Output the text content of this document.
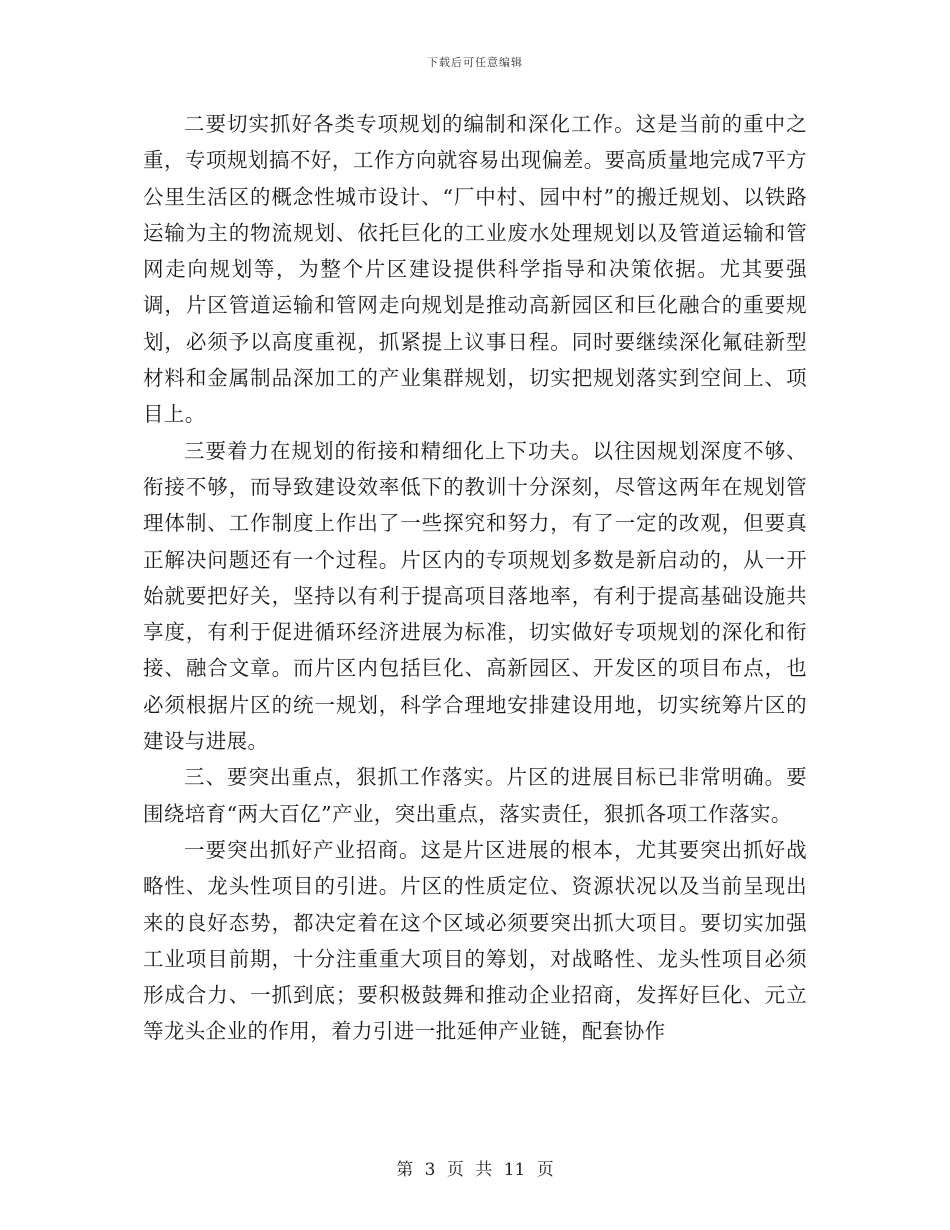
下载后可任意编辑

二要切实抓好各类专项规划的编制和深化工作。这是当前的重中之重，专项规划搞不好，工作方向就容易出现偏差。要高质量地完成7平方公里生活区的概念性城市设计、“厂中村、园中村”的搬迁规划、以铁路运输为主的物流规划、依托巨化的工业废水处理规划以及管道运输和管网走向规划等，为整个片区建设提供科学指导和决策依据。尤其要强调，片区管道运输和管网走向规划是推动高新园区和巨化融合的重要规划，必须予以高度重视，抓紧提上议事日程。同时要继续深化氟硅新型材料和金属制品深加工的产业集群规划，切实把规划落实到空间上、项目上。

三要着力在规划的衔接和精细化上下功夫。以往因规划深度不够、衔接不够，而导致建设效率低下的教训十分深刻，尽管这两年在规划管理体制、工作制度上作出了一些探究和努力，有了一定的改观，但要真正解决问题还有一个过程。片区内的专项规划多数是新启动的，从一开始就要把好关，坚持以有利于提高项目落地率，有利于提高基础设施共享度，有利于促进循环经济进展为标准，切实做好专项规划的深化和衔接、融合文章。而片区内包括巨化、高新园区、开发区的项目布点，也必须根据片区的统一规划，科学合理地安排建设用地，切实统筹片区的建设与进展。

三、要突出重点，狠抓工作落实。片区的进展目标已非常明确。要围绕培育“两大百亿”产业，突出重点，落实责任，狠抓各项工作落实。

一要突出抓好产业招商。这是片区进展的根本，尤其要突出抓好战略性、龙头性项目的引进。片区的性质定位、资源状况以及当前呈现出来的良好态势，都决定着在这个区域必须要突出抓大项目。要切实加强工业项目前期，十分注重重大项目的筹划，对战略性、龙头性项目必须形成合力、一抓到底；要积极鼓舞和推动企业招商，发挥好巨化、元立等龙头企业的作用，着力引进一批延伸产业链，配套协作

第 3 页 共 11 页
